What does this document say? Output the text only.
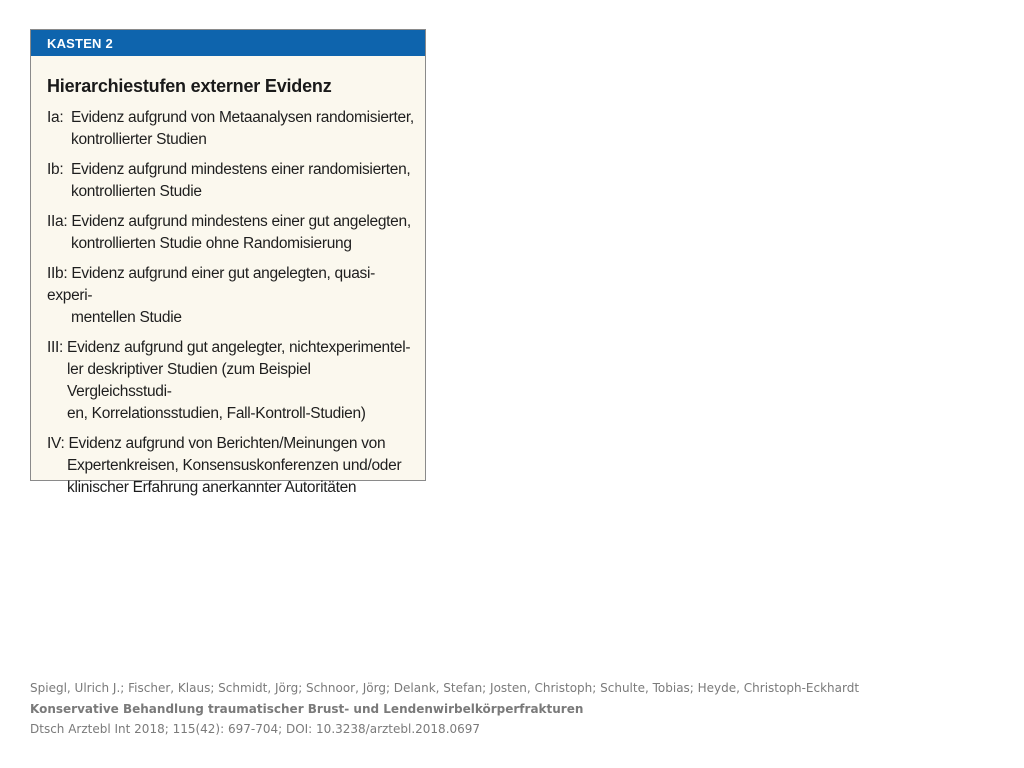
KASTEN 2
Hierarchiestufen externer Evidenz
Ia: Evidenz aufgrund von Metaanalysen randomisierter,
kontrollierter Studien
Ib: Evidenz aufgrund mindestens einer randomisierten,
kontrollierten Studie
IIa: Evidenz aufgrund mindestens einer gut angelegten,
kontrollierten Studie ohne Randomisierung
IIb: Evidenz aufgrund einer gut angelegten, quasi-experi-
mentellen Studie
III: Evidenz aufgrund gut angelegter, nichtexperimentel-
ler deskriptiver Studien (zum Beispiel Vergleichsstudi-
en, Korrelationsstudien, Fall-Kontroll-Studien)
IV: Evidenz aufgrund von Berichten/Meinungen von
Expertenkreisen, Konsensuskonferenzen und/oder
klinischer Erfahrung anerkannter Autoritäten
Spiegl, Ulrich J.; Fischer, Klaus; Schmidt, Jörg; Schnoor, Jörg; Delank, Stefan; Josten, Christoph; Schulte, Tobias; Heyde, Christoph-Eckhardt
Konservative Behandlung traumatischer Brust- und Lendenwirbelkörperfrakturen
Dtsch Arztebl Int 2018; 115(42): 697-704; DOI: 10.3238/arztebl.2018.0697
